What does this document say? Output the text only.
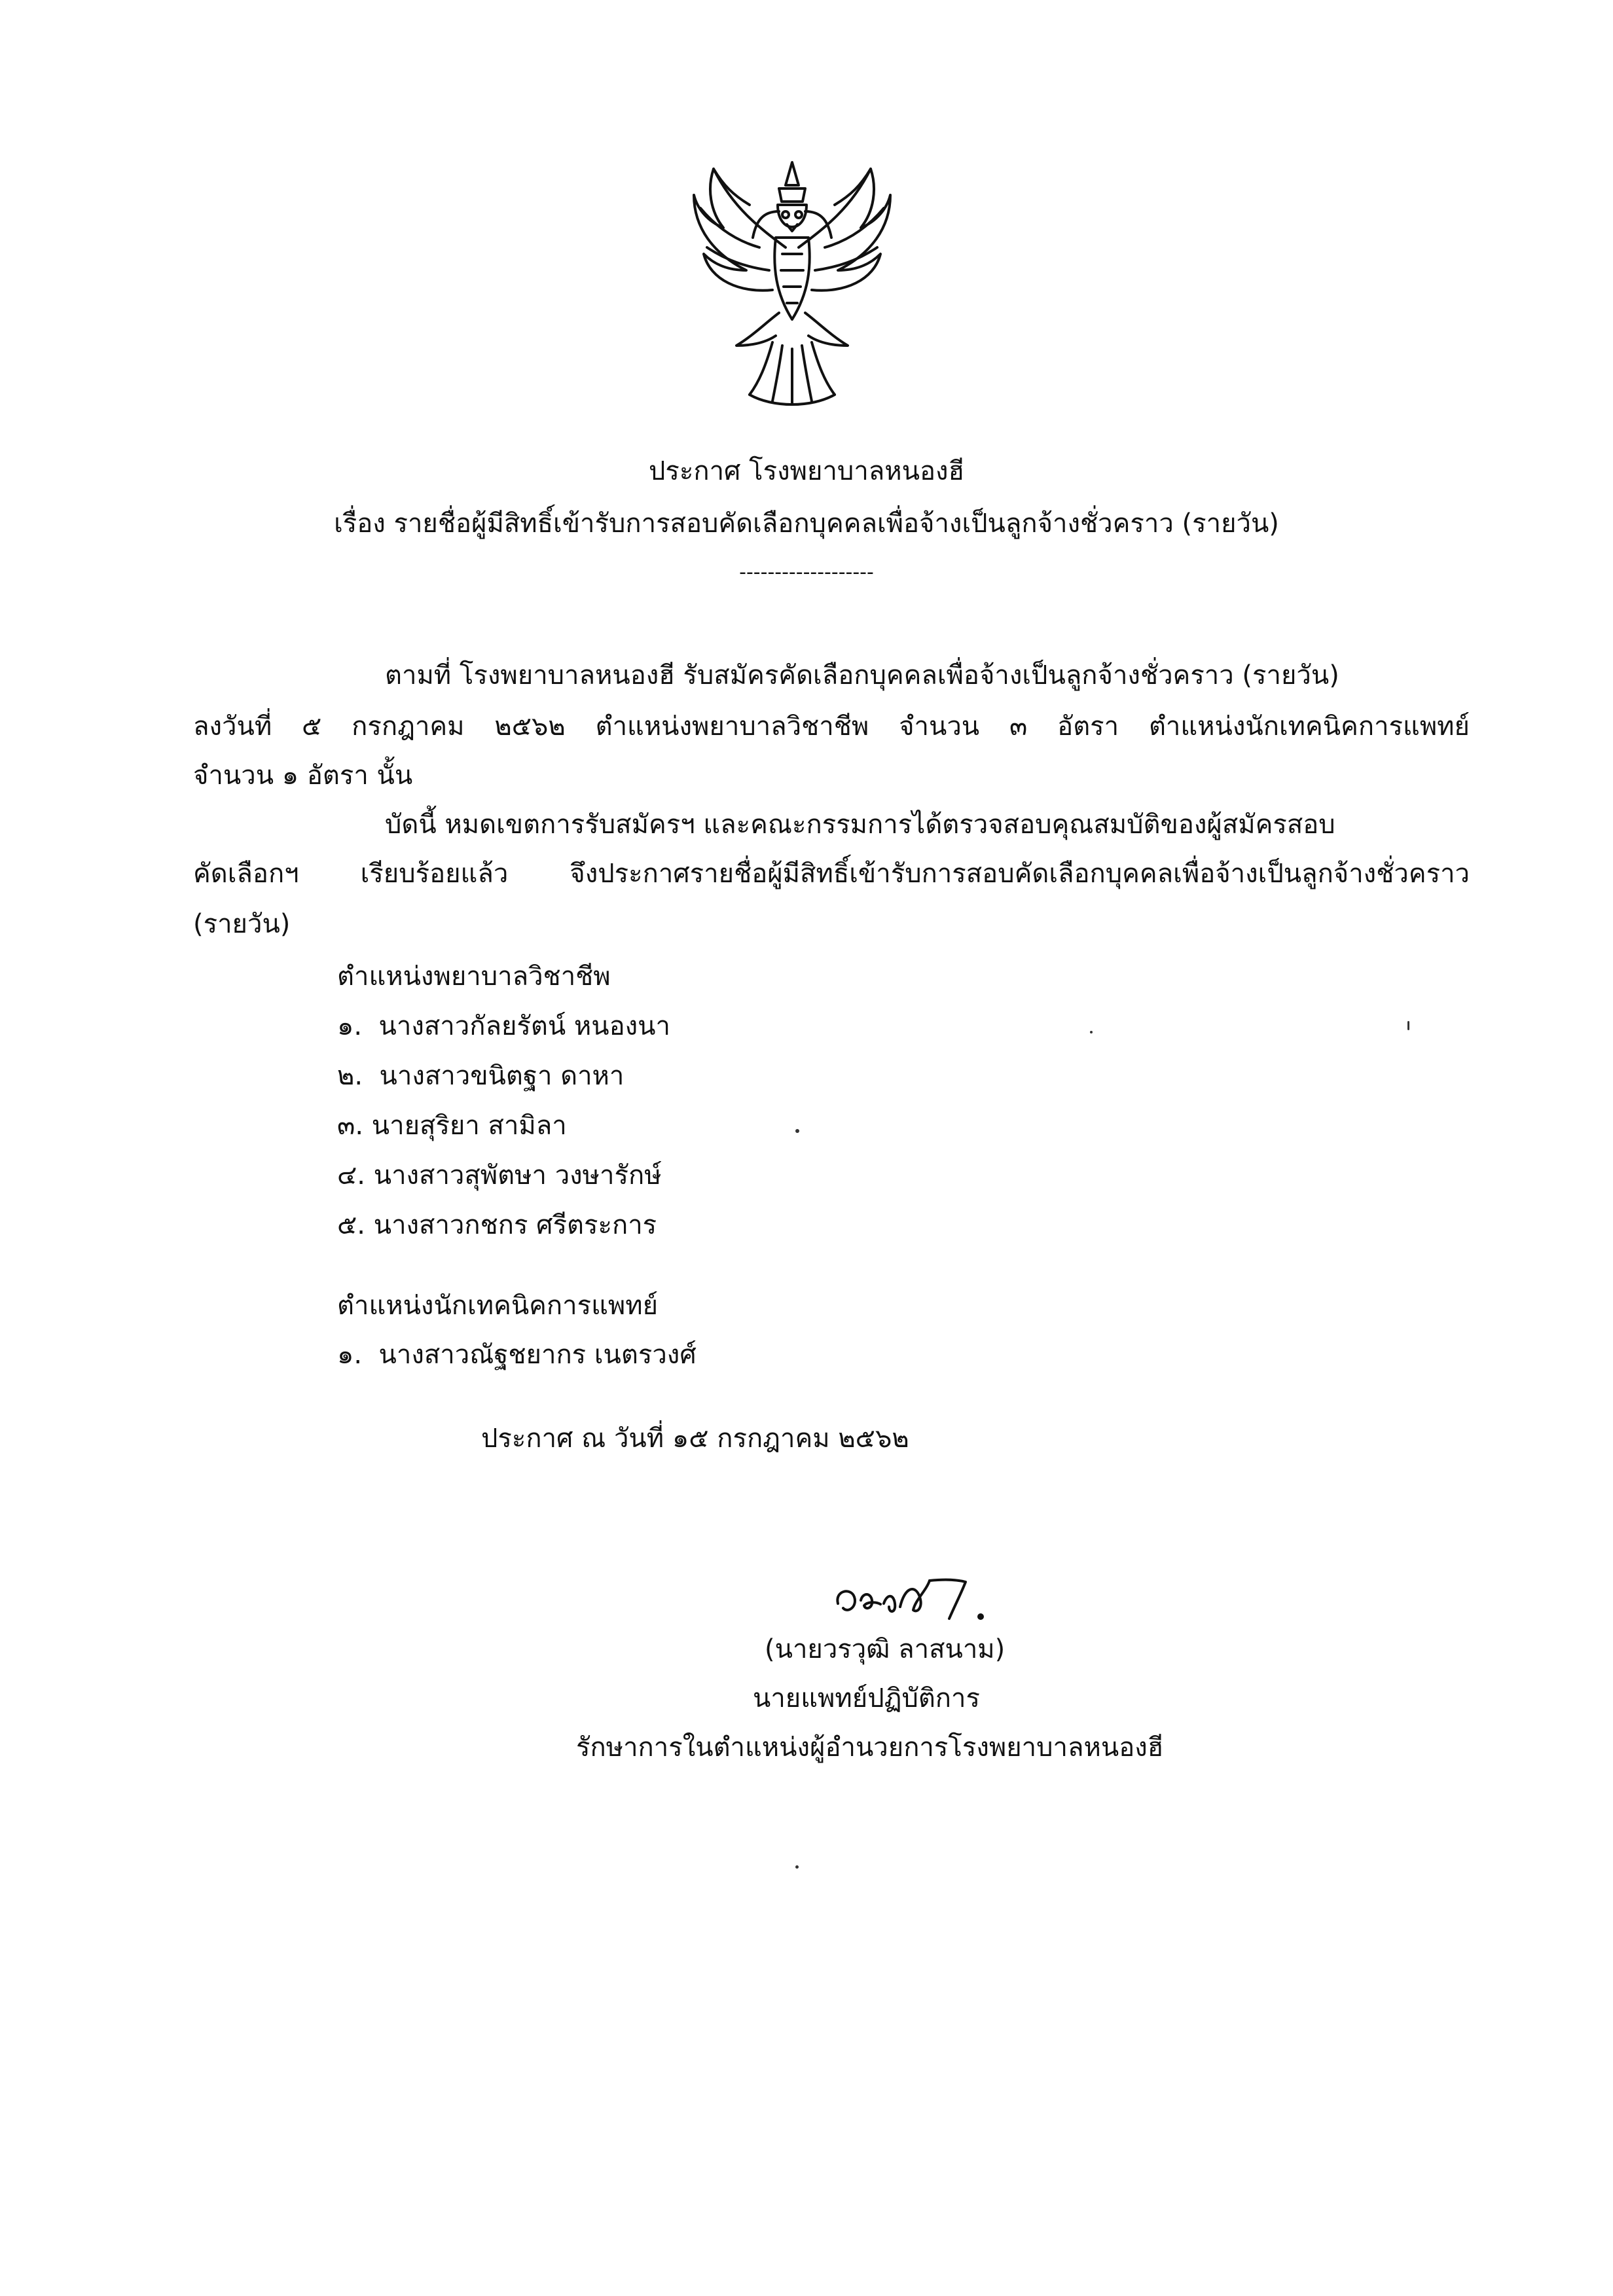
ประกาศ โรงพยาบาลหนองฮี
เรื่อง รายชื่อผู้มีสิทธิ์เข้ารับการสอบคัดเลือกบุคคลเพื่อจ้างเป็นลูกจ้างชั่วคราว (รายวัน)
-------------------
ตามที่ โรงพยาบาลหนองฮี รับสมัครคัดเลือกบุคคลเพื่อจ้างเป็นลูกจ้างชั่วคราว (รายวัน)
ลงวันที่ ๕ กรกฎาคม ๒๕๖๒ ตำแหน่งพยาบาลวิชาชีพ จำนวน ๓ อัตรา ตำแหน่งนักเทคนิคการแพทย์
จำนวน ๑ อัตรา นั้น
บัดนี้ หมดเขตการรับสมัครฯ และคณะกรรมการได้ตรวจสอบคุณสมบัติของผู้สมัครสอบ
คัดเลือกฯ เรียบร้อยแล้ว จึงประกาศรายชื่อผู้มีสิทธิ์เข้ารับการสอบคัดเลือกบุคคลเพื่อจ้างเป็นลูกจ้างชั่วคราว
(รายวัน)
ตำแหน่งพยาบาลวิชาชีพ
๑. นางสาวกัลยรัตน์ หนองนา
๒. นางสาวขนิตฐา ดาหา
๓. นายสุริยา สามิลา
๔. นางสาวสุพัตษา วงษารักษ์
๕. นางสาวกชกร ศรีตระการ
ตำแหน่งนักเทคนิคการแพทย์
๑. นางสาวณัฐชยากร เนตรวงศ์
ประกาศ ณ วันที่ ๑๕ กรกฎาคม ๒๕๖๒
(นายวรวุฒิ ลาสนาม)
นายแพทย์ปฏิบัติการ
รักษาการในตำแหน่งผู้อำนวยการโรงพยาบาลหนองฮี
